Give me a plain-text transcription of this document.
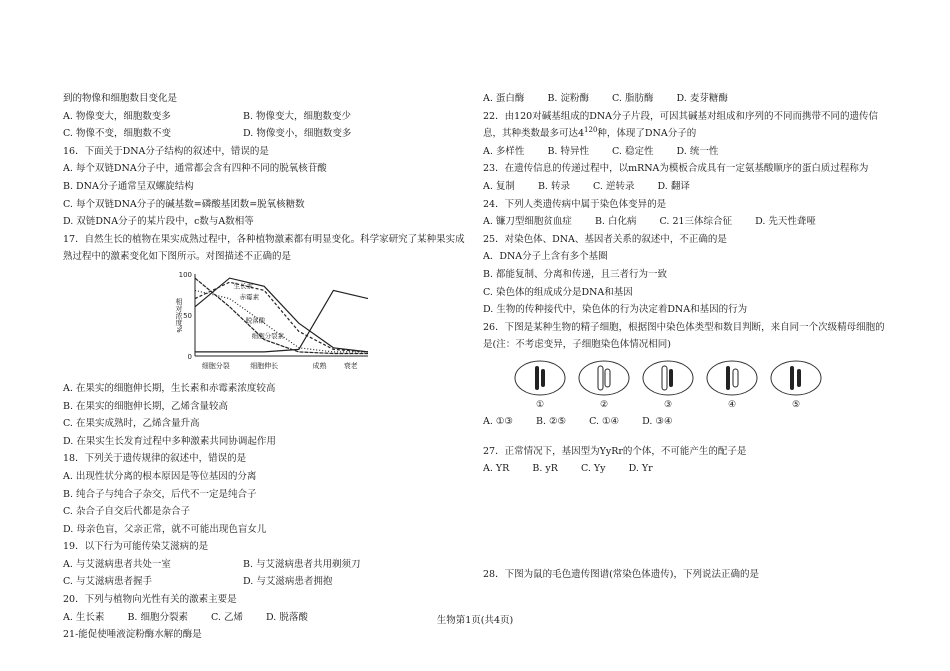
到的物像和细胞数目变化是
A. 物像变大，细胞数变多	B. 物像变大，细胞数变少
C. 物像不变，细胞数不变	D. 物像变小，细胞数变多
16．下面关于DNA分子结构的叙述中，错误的是
A. 每个双链DNA分子中，通常都会含有四种不同的脱氧核苷酸
B. DNA分子通常呈双螺旋结构
C. 每个双链DNA分子的碱基数=磷酸基团数=脱氧核糖数
D. 双链DNA分子的某片段中，c数与A数相等
17．自然生长的植物在果实成熟过程中，各种植物激素都有明显变化。科学家研究了某种果实成熟过程中的激素变化如下图所示。对图描述不正确的是
100
50
0
相对浓度%
生长素
赤霉素
脱落酸
细胞分裂素
细胞分裂	细胞伸长	成熟 衰老
A. 在果实的细胞伸长期，生长素和赤霉素浓度较高
B. 在果实的细胞伸长期，乙烯含量较高
C. 在果实成熟时，乙烯含量升高
D. 在果实生长发育过程中多种激素共同协调起作用
18．下列关于遗传规律的叙述中，错误的是
A. 出现性状分离的根本原因是等位基因的分离
B. 纯合子与纯合子杂交，后代不一定是纯合子
C. 杂合子自交后代都是杂合子
D. 母亲色盲，父亲正常，就不可能出现色盲女儿
19．以下行为可能传染艾滋病的是
A. 与艾滋病患者共处一室	B. 与艾滋病患者共用剃须刀
C. 与艾滋病患者握手	D. 与艾滋病患者拥抱
20．下列与植物向光性有关的激素主要是
A. 生长素 B. 细胞分裂素 C. 乙烯 D. 脱落酸
21-能促使唾液淀粉酶水解的酶是
A. 蛋白酶 B. 淀粉酶 C. 脂肪酶 D. 麦芽糖酶
22．由120对碱基组成的DNA分子片段，可因其碱基对组成和序列的不同而携带不同的遗传信息，其种类数最多可达$4^{120}$种，体现了DNA分子的
A. 多样性 B. 特异性 C. 稳定性 D. 统一性
23．在遗传信息的传递过程中，以mRNA为模板合成具有一定氨基酸顺序的蛋白质过程称为
A. 复制 B. 转录 C. 逆转录 D. 翻译
24．下列人类遗传病中属于染色体变异的是
A. 镰刀型细胞贫血症 B. 白化病 C. 21三体综合征 D. 先天性聋哑
25．对染色体、DNA、基因者关系的叙述中，不正确的是
A．DNA分子上含有多个基圈
B. 都能复制、分离和传递，且三者行为一致
C. 染色体的组成成分是DNA和基因
D. 生物的传种接代中，染色体的行为决定着DNA和基因的行为
26．下图是某种生物的精子细胞，根据图中染色体类型和数目判断，来自同一个次级精母细胞的是(注：不考虑变异，子细胞染色体情况相同)
①	②	③	④	⑤
A. ①③ B. ②⑤ C. ①④ D. ③④
27．正常情况下，基因型为YyRr的个体，不可能产生的配子是
A. YR B. yR C. Yy D. Yr
28．下图为鼠的毛色遗传图谱(常染色体遗传)，下列说法正确的是
生物第1页(共4页)
